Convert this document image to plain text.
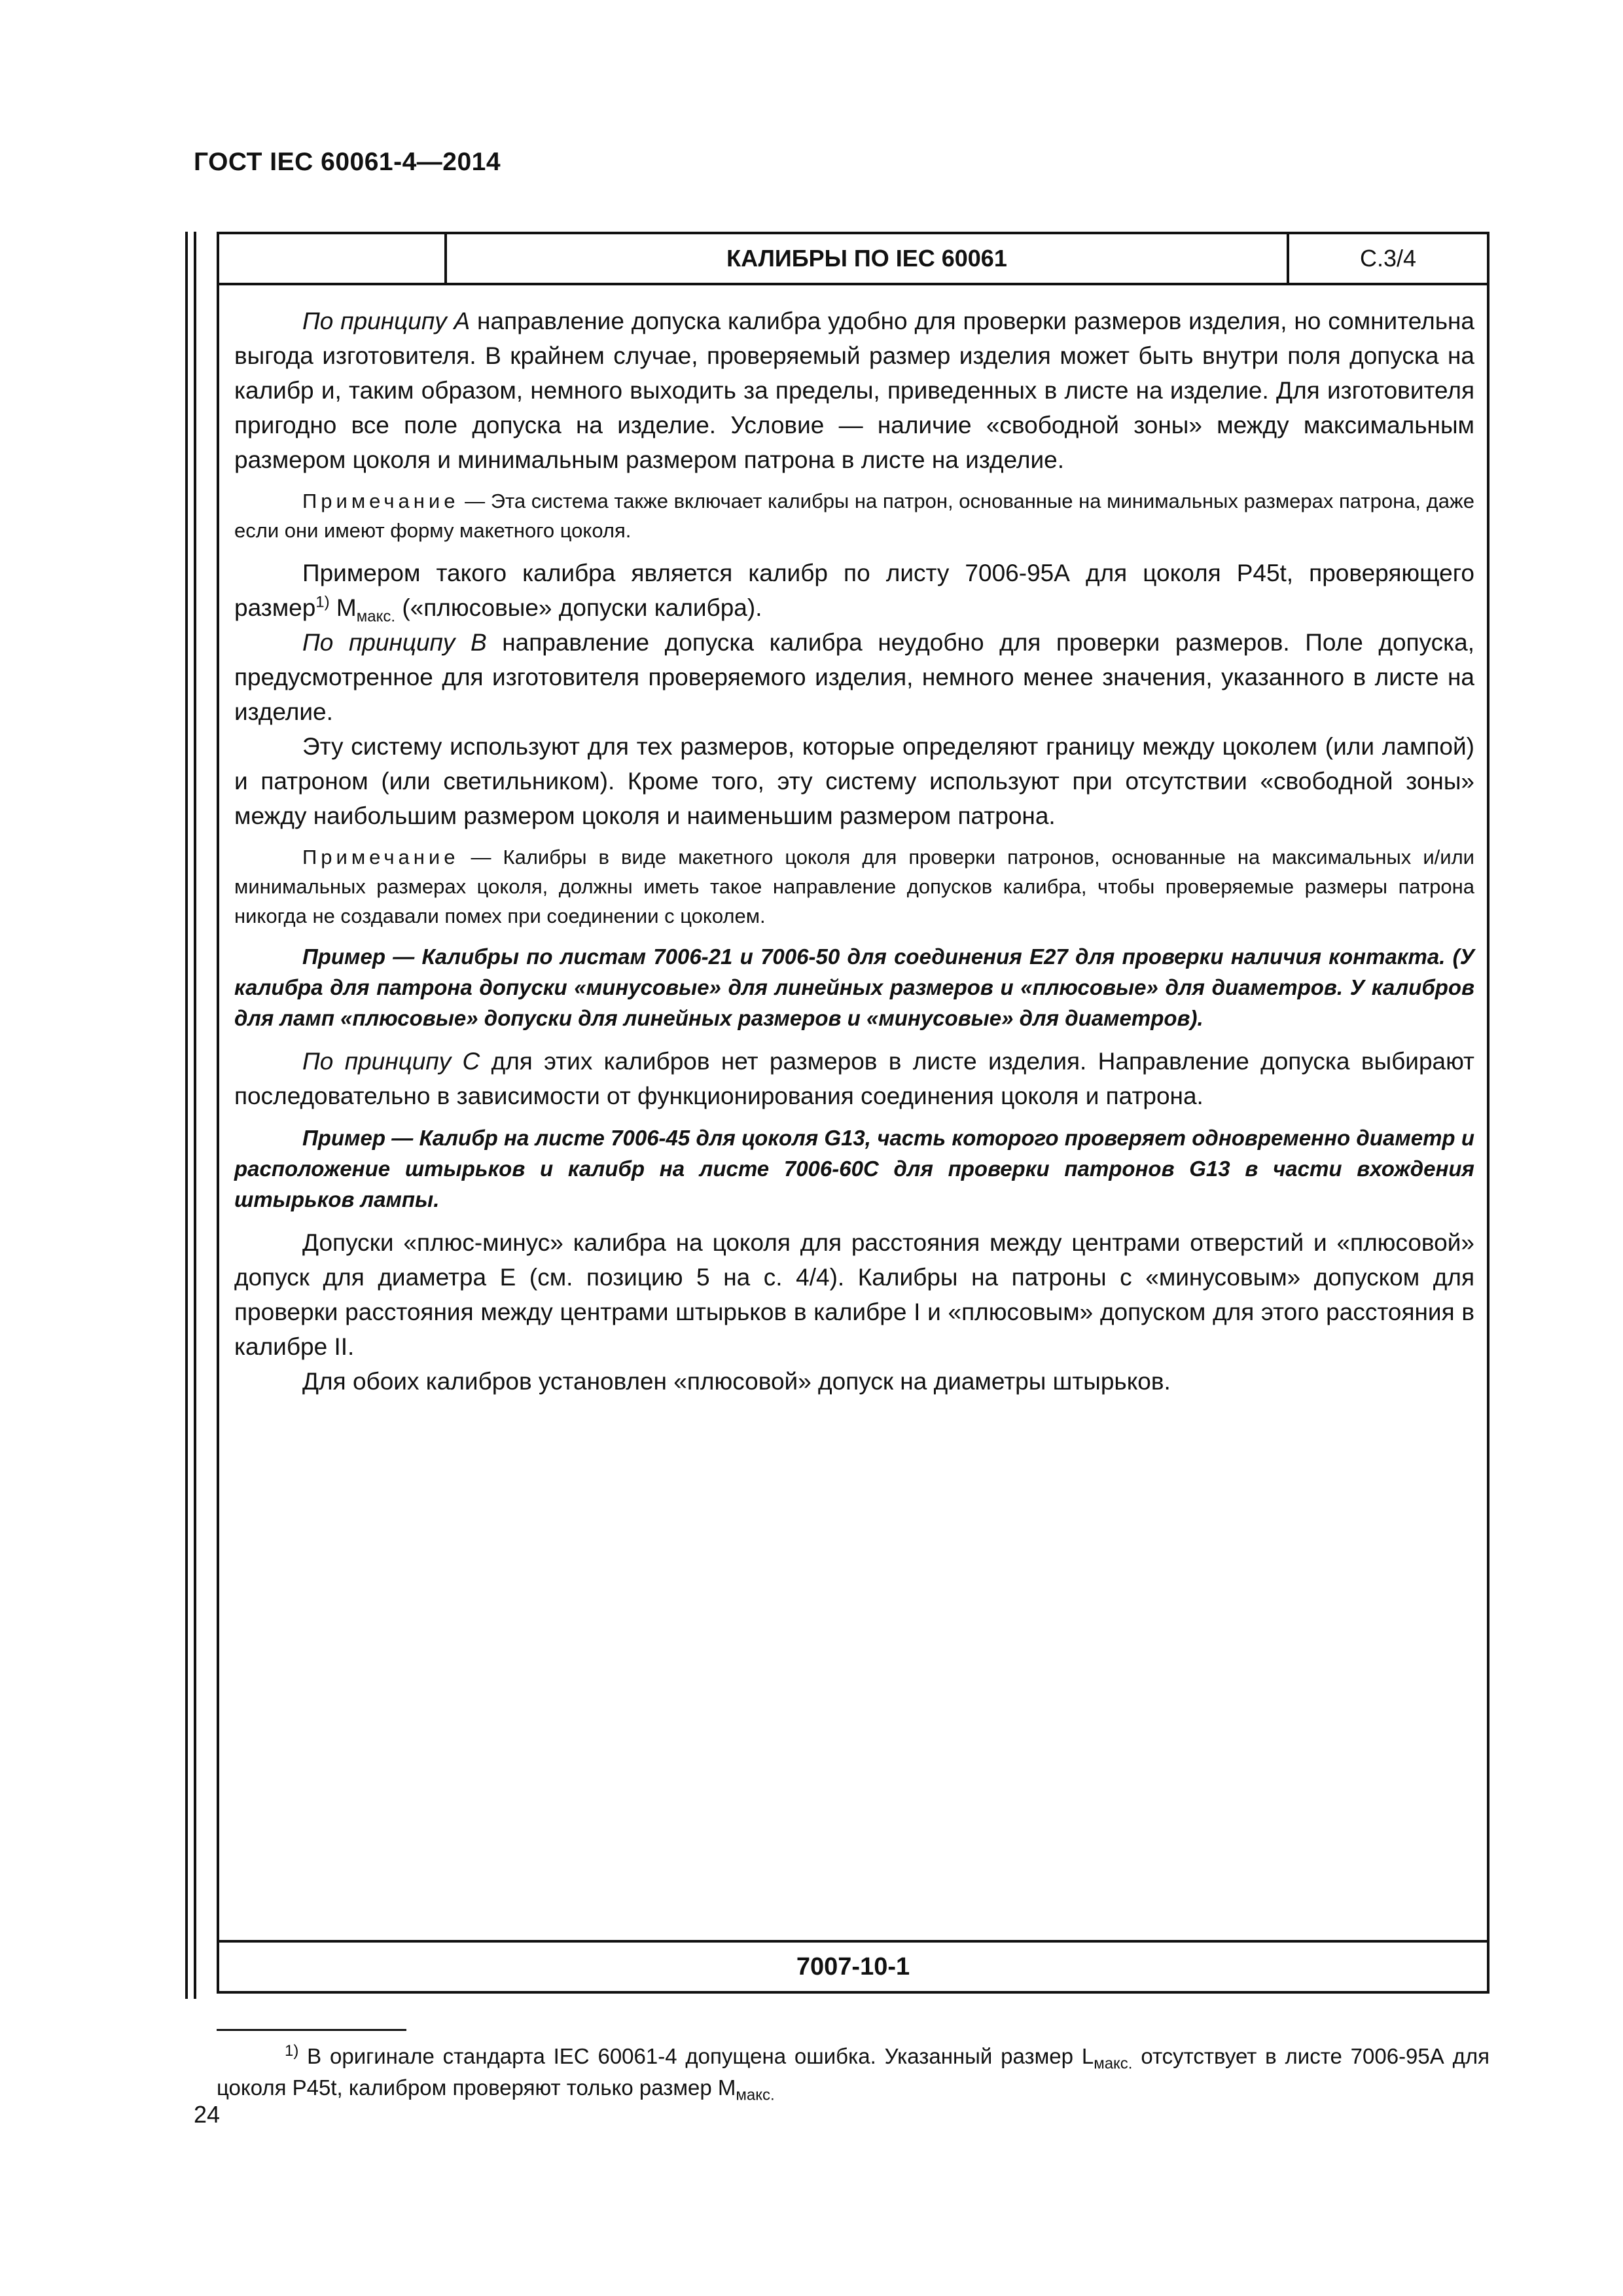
ГОСТ IEC 60061-4—2014
КАЛИБРЫ ПО IEC 60061	С.3/4

По принципу А направление допуска калибра удобно для проверки размеров изделия, но сомнительна выгода изготовителя. В крайнем случае, проверяемый размер изделия может быть внутри поля допуска на калибр и, таким образом, немного выходить за пределы, приведенных в листе на изделие. Для изготовителя пригодно все поле допуска на изделие. Условие — наличие «свободной зоны» между максимальным размером цоколя и минимальным размером патрона в листе на изделие.

Примечание — Эта система также включает калибры на патрон, основанные на минимальных размерах патрона, даже если они имеют форму макетного цоколя.

Примером такого калибра является калибр по листу 7006-95А для цоколя P45t, проверяющего размер$^{1)}$ $M_{макс.}$ («плюсовые» допуски калибра).

По принципу В направление допуска калибра неудобно для проверки размеров. Поле допуска, предусмотренное для изготовителя проверяемого изделия, немного менее значения, указанного в листе на изделие.

Эту систему используют для тех размеров, которые определяют границу между цоколем (или лампой) и патроном (или светильником). Кроме того, эту систему используют при отсутствии «свободной зоны» между наибольшим размером цоколя и наименьшим размером патрона.

Примечание — Калибры в виде макетного цоколя для проверки патронов, основанные на максимальных и/или минимальных размерах цоколя, должны иметь такое направление допусков калибра, чтобы проверяемые размеры патрона никогда не создавали помех при соединении с цоколем.

Пример — Калибры по листам 7006-21 и 7006-50 для соединения Е27 для проверки наличия контакта. (У калибра для патрона допуски «минусовые» для линейных размеров и «плюсовые» для диаметров. У калибров для ламп «плюсовые» допуски для линейных размеров и «минусовые» для диаметров).

По принципу С для этих калибров нет размеров в листе изделия. Направление допуска выбирают последовательно в зависимости от функционирования соединения цоколя и патрона.

Пример — Калибр на листе 7006-45 для цоколя G13, часть которого проверяет одновременно диаметр и расположение штырьков и калибр на листе 7006-60С для проверки патронов G13 в части вхождения штырьков лампы.

Допуски «плюс-минус» калибра на цоколя для расстояния между центрами отверстий и «плюсовой» допуск для диаметра Е (см. позицию 5 на с. 4/4). Калибры на патроны с «минусовым» допуском для проверки расстояния между центрами штырьков в калибре I и «плюсовым» допуском для этого расстояния в калибре II.

Для обоих калибров установлен «плюсовой» допуск на диаметры штырьков.

7007-10-1
$^{1)}$ В оригинале стандарта IEC 60061-4 допущена ошибка. Указанный размер $L_{макс.}$ отсутствует в листе 7006-95А для цоколя P45t, калибром проверяют только размер $M_{макс.}$
24
